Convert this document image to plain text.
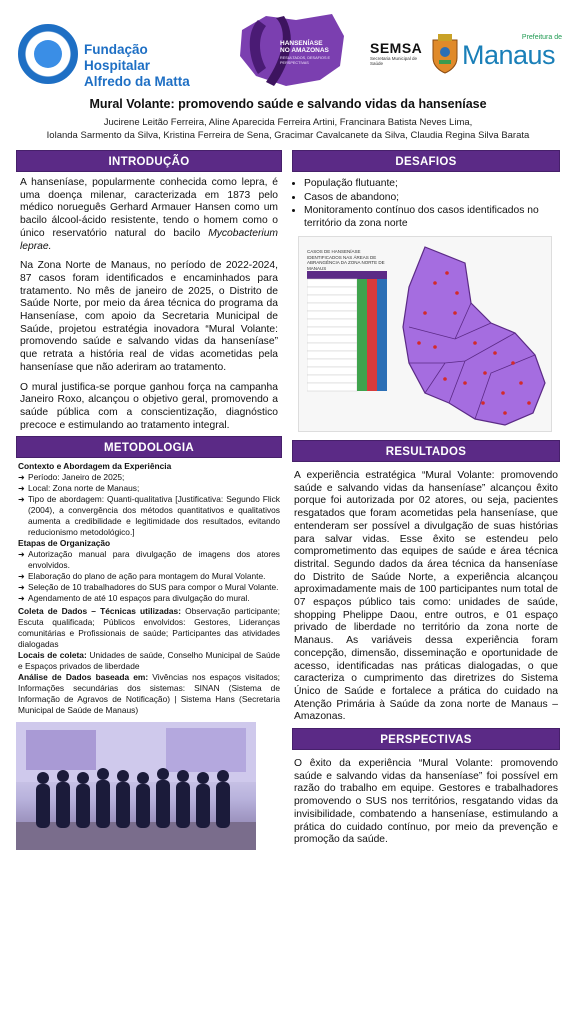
Fundação Hospitalar
Alfredo da Matta
HANSENÍASE
NO AMAZONAS
RESULTADOS, DESAFIOS E PERSPECTIVAS
SEMSA
Secretaria Municipal de Saúde
Prefeitura de
Manaus
Mural Volante: promovendo saúde e salvando vidas da hanseníase
Jucirene Leitão Ferreira, Aline Aparecida Ferreira Artini, Francinara Batista Neves Lima,
Iolanda Sarmento da Silva, Kristina Ferreira de Sena, Gracimar Cavalcanete da Silva, Claudia Regina Silva Barata
INTRODUÇÃO

A hanseníase, popularmente conhecida como lepra, é uma doença milenar, caracterizada em 1873 pelo médico norueguês Gerhard Armauer Hansen como um bacilo álcool-ácido resistente, tendo o homem como o único reservatório natural do bacilo Mycobacterium leprae.

Na Zona Norte de Manaus, no período de 2022-2024, 87 casos foram identificados e encaminhados para tratamento. No mês de janeiro de 2025, o Distrito de Saúde Norte, por meio da área técnica do programa da Hanseníase, com apoio da Secretaria Municipal de Saúde, projetou estratégia inovadora “Mural Volante: promovendo saúde e salvando vidas da hanseníase” que retrata a história real de vidas acometidas pela hanseníase que não aderiram ao tratamento.

O mural justifica-se porque ganhou força na campanha Janeiro Roxo, alcançou o objetivo geral, promovendo a saúde pública com a conscientização, diagnóstico precoce e estimulando ao tratamento integral.

METODOLOGIA
Contexto e Abordagem da Experiência
➜ Período: Janeiro de 2025;
➜ Local: Zona norte de Manaus;
➜ Tipo de abordagem: Quanti-qualitativa [Justificativa: Segundo Flick (2004), a convergência dos métodos quantitativos e qualitativos aumenta a credibilidade e legitimidade dos resultados, evitando reducionismo metodológico.]
Etapas de Organização
➜ Autorização manual para divulgação de imagens dos atores envolvidos.
➜ Elaboração do plano de ação para montagem do Mural Volante.
➜ Seleção de 10 trabalhadores do SUS para compor o Mural Volante.
➜ Agendamento de até 10 espaços para divulgação do mural.
Coleta de Dados – Técnicas utilizadas: Observação participante; Escuta qualificada; Públicos envolvidos: Gestores, Lideranças comunitárias e Profissionais de saúde; Participantes das atividades dialogadas
Locais de coleta: Unidades de saúde, Conselho Municipal de Saúde e Espaços privados de liberdade
Análise de Dados baseada em: Vivências nos espaços visitados; Informações secundárias dos sistemas: SINAN (Sistema de Informação de Agravos de Notificação) | Sistema Hans (Secretaria Municipal de Saúde de Manaus)
DESAFIOS
• População flutuante;
• Casos de abandono;
• Monitoramento contínuo dos casos identificados no território da zona norte
CASOS DE HANSENÍASE IDENTIFICADOS NAS ÁREAS DE ABRANGÊNCIA DA ZONA NORTE DE MANAUS
RESULTADOS

A experiência estratégica “Mural Volante: promovendo saúde e salvando vidas da hanseníase” alcançou êxito porque foi autorizada por 02 atores, ou seja, pacientes resgatados que foram acometidas pela hanseníase, que entenderam ser possível a divulgação de suas histórias para salvar vidas. Esse êxito se estendeu pelo comprometimento das equipes de saúde e área técnica distrital. Segundo dados da área técnica da hanseníase do Distrito de Saúde Norte, a experiência alcançou aproximadamente mais de 100 participantes num total de 07 espaços público tais como: unidades de saúde, shopping Phelippe Daou, entre outros, e 01 espaço privado de liberdade no território da zona norte de Manaus. As variáveis dessa experiência foram concepção, dimensão, disseminação e oportunidade de acesso, identificadas nas práticas dialogadas, o que caracteriza o cumprimento das diretrizes do Sistema Único de Saúde e fortalece a prática do cuidado na Atenção Primária à Saúde da zona norte de Manaus – Amazonas.

PERSPECTIVAS

O êxito da experiência “Mural Volante: promovendo saúde e salvando vidas da hanseníase” foi possível em razão do trabalho em equipe. Gestores e trabalhadores promovendo o SUS nos territórios, resgatando vidas da invisibilidade, combatendo a hanseníase, estimulando a prática do cuidado contínuo, por meio da prevenção e promoção da saúde.
